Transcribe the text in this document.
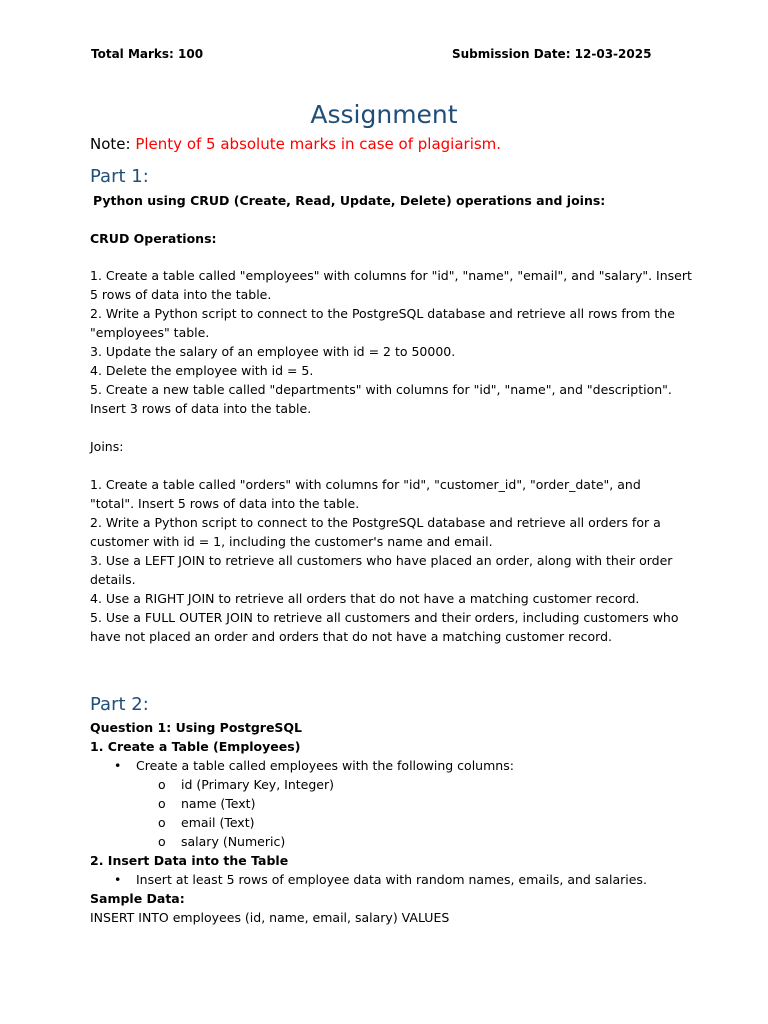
Total Marks: 100	Submission Date: 12-03-2025
Assignment
Note: Plenty of 5 absolute marks in case of plagiarism.
Part 1:
Python using CRUD (Create, Read, Update, Delete) operations and joins:
CRUD Operations:
1. Create a table called "employees" with columns for "id", "name", "email", and "salary". Insert
5 rows of data into the table.
2. Write a Python script to connect to the PostgreSQL database and retrieve all rows from the
"employees" table.
3. Update the salary of an employee with id = 2 to 50000.
4. Delete the employee with id = 5.
5. Create a new table called "departments" with columns for "id", "name", and "description".
Insert 3 rows of data into the table.
Joins:
1. Create a table called "orders" with columns for "id", "customer_id", "order_date", and
"total". Insert 5 rows of data into the table.
2. Write a Python script to connect to the PostgreSQL database and retrieve all orders for a
customer with id = 1, including the customer's name and email.
3. Use a LEFT JOIN to retrieve all customers who have placed an order, along with their order
details.
4. Use a RIGHT JOIN to retrieve all orders that do not have a matching customer record.
5. Use a FULL OUTER JOIN to retrieve all customers and their orders, including customers who
have not placed an order and orders that do not have a matching customer record.
Part 2:
Question 1: Using PostgreSQL
1. Create a Table (Employees)
• Create a table called employees with the following columns:
o id (Primary Key, Integer)
o name (Text)
o email (Text)
o salary (Numeric)
2. Insert Data into the Table
• Insert at least 5 rows of employee data with random names, emails, and salaries.
Sample Data:
INSERT INTO employees (id, name, email, salary) VALUES
